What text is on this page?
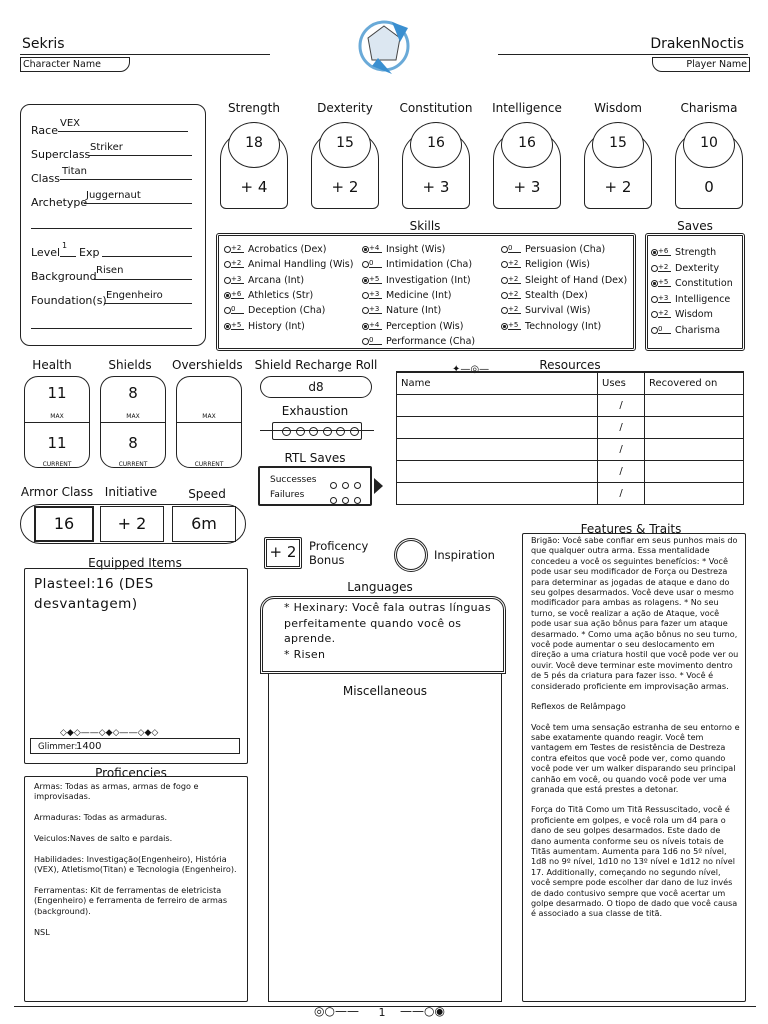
Sekris
Character Name
DrakenNoctis
Player Name
Race
VEX
Superclass
Striker
Class
Titan
Archetype
Juggernaut
Level
1
Exp
Background Risen
Foundation(s) Engenheiro
Skills	Saves
Health	Shields	Overshields Shield Recharge Roll
d8
Exhaustion

RTL Saves
Successes

Failures

Resources
✦—◎—
Name	Uses	Recovered on
	/	
	/	
	/	
	/	
	/	
Armor Class Initiative	Speed
16	+ 2	6m
+ 2	Proficency
Bonus	Inspiration
Equipped Items
Plasteel:16 (DES desvantagem)
◇◆◇——◇◆◇——◇◆◇
Glimmer:
1400
Proficencies
Armas: Todas as armas, armas de fogo e improvisadas.
Armaduras: Todas as armaduras.
Veiculos:Naves de salto e pardais.
Habilidades: Investigação(Engenheiro), História (VEX), Atletismo(Titan) e Tecnologia (Engenheiro).
Ferramentas: Kit de ferramentas de eletricista (Engenheiro) e ferramenta de ferreiro de armas (background).
NSL
Languages
* Hexinary: Você fala outras línguas perfeitamente quando você os aprende.
* Risen
Miscellaneous
Features & Traits

Brigão: Você sabe confiar em seus punhos mais do que qualquer outra arma. Essa mentalidade concedeu a você os seguintes benefícios: * Você pode usar seu modificador de Força ou Destreza para determinar as jogadas de ataque e dano do seu golpes desarmados. Você deve usar o mesmo modificador para ambas as rolagens. * No seu turno, se você realizar a ação de Ataque, você pode usar sua ação bônus para fazer um ataque desarmado. * Como uma ação bônus no seu turno, você pode aumentar o seu deslocamento em direção a uma criatura hostil que você pode ver ou ouvir. Você deve terminar este movimento dentro de 5 pés da criatura para fazer isso. * Você é considerado proficiente em improvisação armas.

Reflexos de Relâmpago

Você tem uma sensação estranha de seu entorno e sabe exatamente quando reagir. Você tem vantagem em Testes de resistência de Destreza contra efeitos que você pode ver, como quando você pode ver um walker disparando seu principal canhão em você, ou quando você pode ver uma granada que está prestes a detonar.

Força do Titã Como um Titã Ressuscitado, você é proficiente em golpes, e você rola um d4 para o dano de seu golpes desarmados. Este dado de dano aumenta conforme seu os níveis totais de Titãs aumentam. Aumenta para 1d6 no 5º nível, 1d8 no 9º nível, 1d10 no 13º nível e 1d12 no nível 17. Additionally, começando no segundo nível, você sempre pode escolher dar dano de luz invés de dado contusivo sempre que você acertar um golpe desarmado. O tiopo de dado que você causa é associado a sua classe de titã.

◎○——	1	——○◉
Strength
18
+ 4
Dexterity
15
+ 2
Constitution
16
+ 3
Intelligence
16
+ 3
Wisdom
15
+ 2
Charisma
10
0
+2 Acrobatics (Dex)
+2 Animal Handling (Wis)
+3 Arcana (Int)
+6 Athletics (Str)
0 Deception (Cha)
+5 History (Int)
+4 Insight (Wis)
0 Intimidation (Cha)
+5 Investigation (Int)
+3 Medicine (Int)
+3 Nature (Int)
+4 Perception (Wis)
0 Performance (Cha)
0 Persuasion (Cha)
+2 Religion (Wis)
+2 Sleight of Hand (Dex)
+2 Stealth (Dex)
+2 Survival (Wis)
+5 Technology (Int)
+6 Strength
+2 Dexterity
+5 Constitution
+3 Intelligence
+2 Wisdom
0 Charisma
11
MAX
11
CURRENT
8
MAX
8
CURRENT
MAX
CURRENT
